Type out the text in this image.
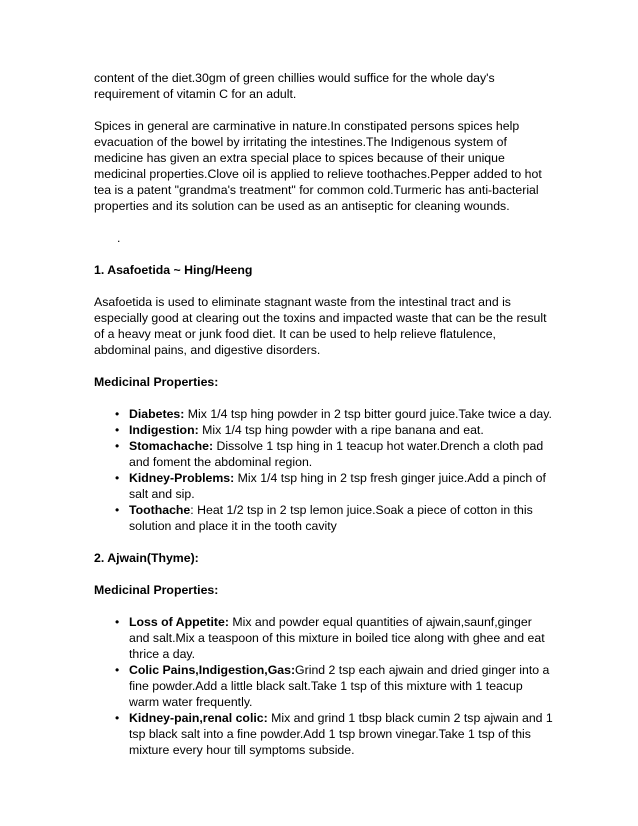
content of the diet.30gm of green chillies would suffice for the whole day's requirement of vitamin C for an adult.

Spices in general are carminative in nature.In constipated persons spices help evacuation of the bowel by irritating the intestines.The Indigenous system of medicine has given an extra special place to spices because of their unique medicinal properties.Clove oil is applied to relieve toothaches.Pepper added to hot tea is a patent "grandma's treatment" for common cold.Turmeric has anti-bacterial properties and its solution can be used as an antiseptic for cleaning wounds.

.

1. Asafoetida ~ Hing/Heeng

Asafoetida is used to eliminate stagnant waste from the intestinal tract and is especially good at clearing out the toxins and impacted waste that can be the result of a heavy meat or junk food diet. It can be used to help relieve flatulence, abdominal pains, and digestive disorders.

Medicinal Properties:

• Diabetes: Mix 1/4 tsp hing powder in 2 tsp bitter gourd juice.Take twice a day.
• Indigestion: Mix 1/4 tsp hing powder with a ripe banana and eat.
• Stomachache: Dissolve 1 tsp hing in 1 teacup hot water.Drench a cloth pad and foment the abdominal region.
• Kidney-Problems: Mix 1/4 tsp hing in 2 tsp fresh ginger juice.Add a pinch of salt and sip.
• Toothache: Heat 1/2 tsp in 2 tsp lemon juice.Soak a piece of cotton in this solution and place it in the tooth cavity

2. Ajwain(Thyme):

Medicinal Properties:

• Loss of Appetite: Mix and powder equal quantities of ajwain,saunf,ginger and salt.Mix a teaspoon of this mixture in boiled tice along with ghee and eat thrice a day.
• Colic Pains,Indigestion,Gas:Grind 2 tsp each ajwain and dried ginger into a fine powder.Add a little black salt.Take 1 tsp of this mixture with 1 teacup warm water frequently.
• Kidney-pain,renal colic: Mix and grind 1 tbsp black cumin 2 tsp ajwain and 1 tsp black salt into a fine powder.Add 1 tsp brown vinegar.Take 1 tsp of this mixture every hour till symptoms subside.
